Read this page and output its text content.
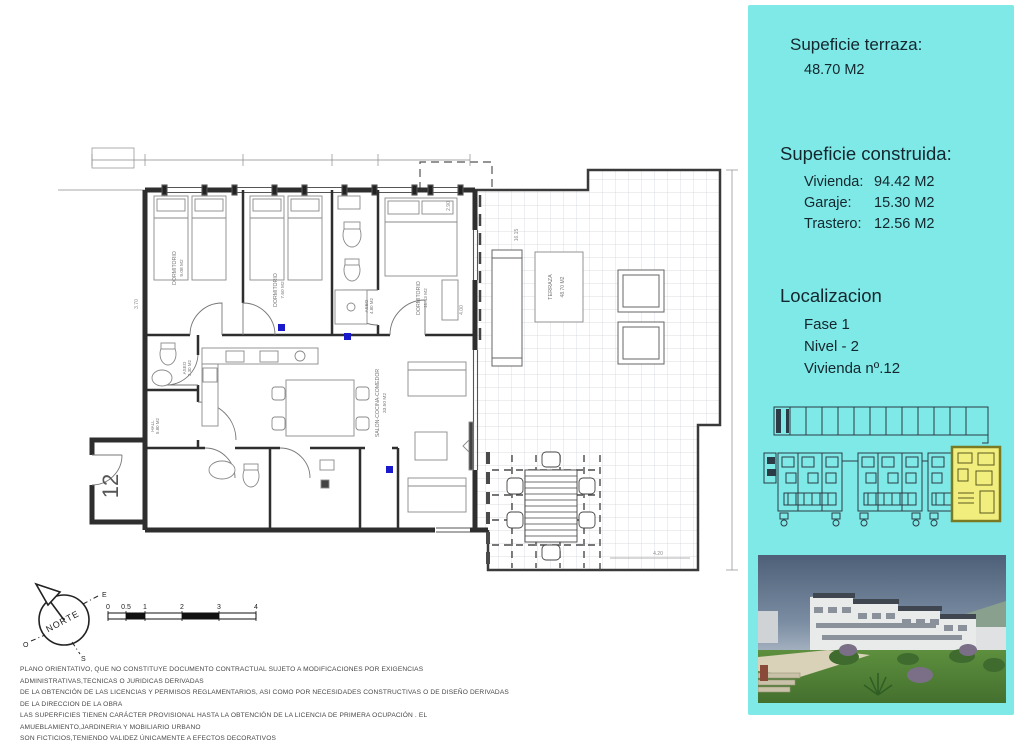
TERRAZA 48.70 M2
DORMITORIO 9.08 M2
DORMITORIO 7.60 M2
ASEO 4.80 M2	DORMITORIO 11.43 M2
SALON-COCINA-COMEDOR 33.50 M2
ASEO 3.30 M2
HALL 5.80 M2
12
3.70
2.90
4.00
16.15
4.20
NORTE
E
O
S
0 0.5 1	2	3	4
PLANO ORIENTATIVO, QUE NO CONSTITUYE DOCUMENTO CONTRACTUAL SUJETO A MODIFICACIONES POR EXIGENCIAS ADMINISTRATIVAS,TECNICAS O JURIDICAS DERIVADAS
DE LA OBTENCIÓN DE LAS LICENCIAS Y PERMISOS REGLAMENTARIOS, ASI COMO POR NECESIDADES CONSTRUCTIVAS O DE DISEÑO DERIVADAS DE LA DIRECCION DE LA OBRA
LAS SUPERFICIES TIENEN CARÁCTER PROVISIONAL HASTA LA OBTENCIÓN DE LA LICENCIA DE PRIMERA OCUPACIÓN . EL AMUEBLAMIENTO,JARDINERIA Y MOBILIARIO URBANO
SON FICTICIOS,TENIENDO VALIDEZ ÚNICAMENTE A EFECTOS DECORATIVOS
Supeficie terraza:
48.70 M2
Supeficie construida:
Vivienda: 94.42 M2
Garaje: 15.30 M2
Trastero: 12.56 M2
Localizacion
Fase 1
Nivel - 2
Vivienda nº.12
